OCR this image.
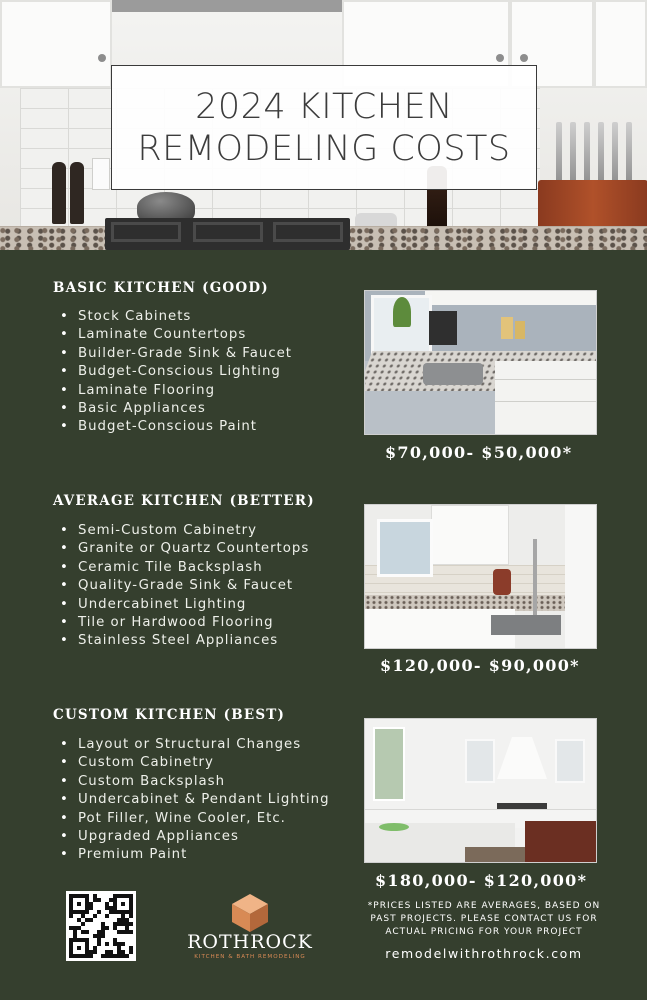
2024 KITCHEN
REMODELING COSTS
BASIC KITCHEN (GOOD)
• Stock Cabinets
• Laminate Countertops
• Builder-Grade Sink & Faucet
• Budget-Conscious Lighting
• Laminate Flooring
• Basic Appliances
• Budget-Conscious Paint
$70,000- $50,000*
AVERAGE KITCHEN (BETTER)
• Semi-Custom Cabinetry
• Granite or Quartz Countertops
• Ceramic Tile Backsplash
• Quality-Grade Sink & Faucet
• Undercabinet Lighting
• Tile or Hardwood Flooring
• Stainless Steel Appliances
$120,000- $90,000*
CUSTOM KITCHEN (BEST)
• Layout or Structural Changes
• Custom Cabinetry
• Custom Backsplash
• Undercabinet & Pendant Lighting
• Pot Filler, Wine Cooler, Etc.
• Upgraded Appliances
• Premium Paint
$180,000- $120,000*
ROTHROCK
KITCHEN & BATH REMODELING
*PRICES LISTED ARE AVERAGES, BASED ON PAST PROJECTS. PLEASE CONTACT US FOR ACTUAL PRICING FOR YOUR PROJECT
remodelwithrothrock.com
